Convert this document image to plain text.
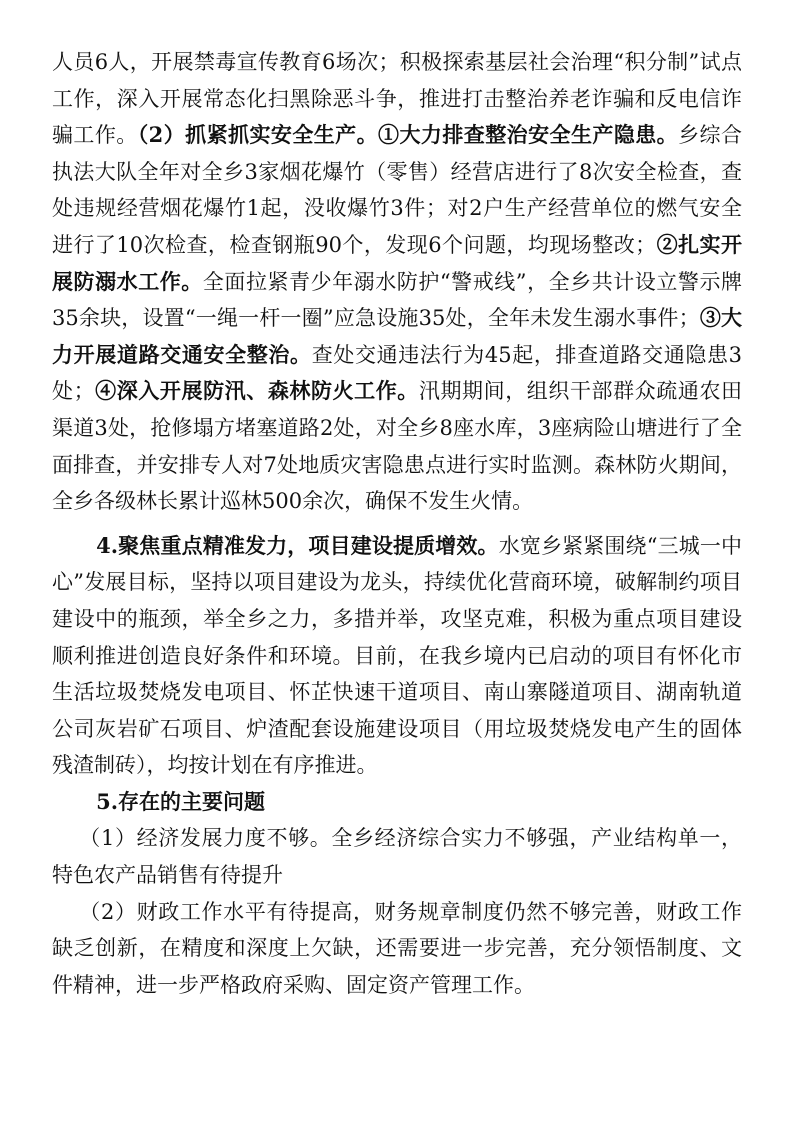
人员6人，开展禁毒宣传教育6场次；积极探索基层社会治理“积分制”试点工作，深入开展常态化扫黑除恶斗争，推进打击整治养老诈骗和反电信诈骗工作。（2）抓紧抓实安全生产。①大力排查整治安全生产隐患。乡综合执法大队全年对全乡3家烟花爆竹（零售）经营店进行了8次安全检查，查处违规经营烟花爆竹1起，没收爆竹3件；对2户生产经营单位的燃气安全进行了10次检查，检查钢瓶90个，发现6个问题，均现场整改；②扎实开展防溺水工作。全面拉紧青少年溺水防护“警戒线”，全乡共计设立警示牌35余块，设置“一绳一杆一圈”应急设施35处，全年未发生溺水事件；③大力开展道路交通安全整治。查处交通违法行为45起，排查道路交通隐患3处；④深入开展防汛、森林防火工作。汛期期间，组织干部群众疏通农田渠道3处，抢修塌方堵塞道路2处，对全乡8座水库，3座病险山塘进行了全面排查，并安排专人对7处地质灾害隐患点进行实时监测。森林防火期间，全乡各级林长累计巡林500余次，确保不发生火情。

4.聚焦重点精准发力，项目建设提质增效。水宽乡紧紧围绕“三城一中心”发展目标，坚持以项目建设为龙头，持续优化营商环境，破解制约项目建设中的瓶颈，举全乡之力，多措并举，攻坚克难，积极为重点项目建设顺利推进创造良好条件和环境。目前，在我乡境内已启动的项目有怀化市生活垃圾焚烧发电项目、怀芷快速干道项目、南山寨隧道项目、湖南轨道公司灰岩矿石项目、炉渣配套设施建设项目（用垃圾焚烧发电产生的固体残渣制砖），均按计划在有序推进。

5.存在的主要问题

（1）经济发展力度不够。全乡经济综合实力不够强，产业结构单一，特色农产品销售有待提升

（2）财政工作水平有待提高，财务规章制度仍然不够完善，财政工作缺乏创新，在精度和深度上欠缺，还需要进一步完善，充分领悟制度、文件精神，进一步严格政府采购、固定资产管理工作。
